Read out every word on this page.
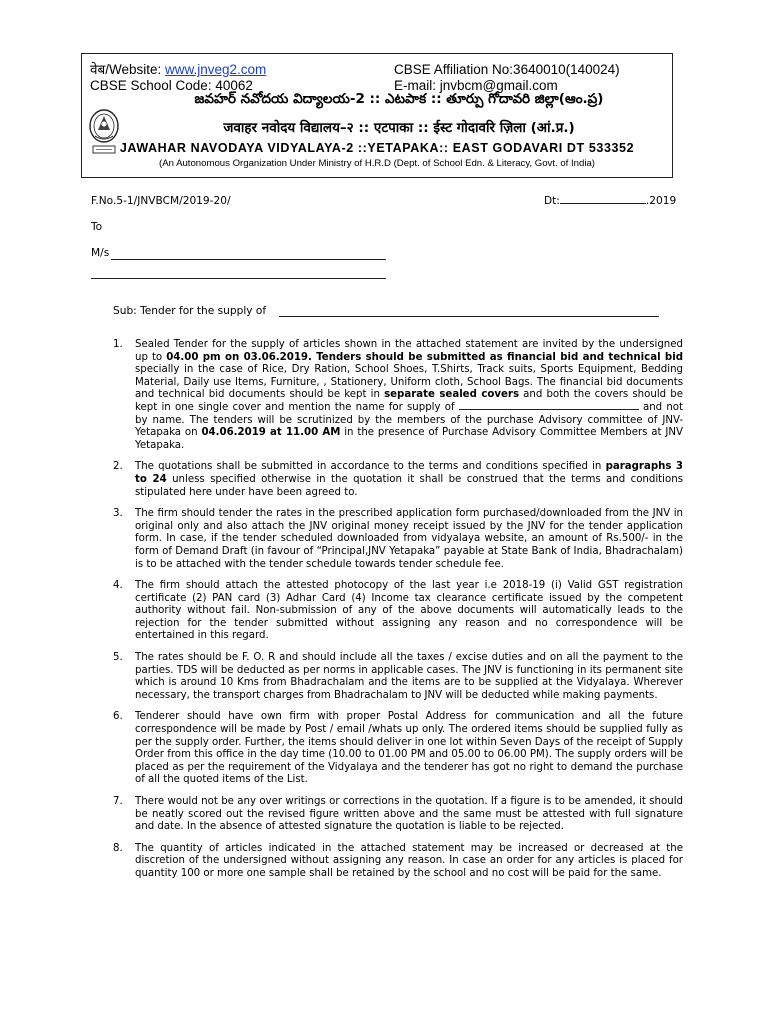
वेब/Website: www.jnveg2.com	CBSE Affiliation No:3640010(140024)
CBSE School Code: 40062	E-mail: jnvbcm@gmail.com
జవహర్ నవోదయ విద్యాలయ-2 :: ఎటపాక :: తూర్పు గోదావరి జిల్లా(ఆం.ప్ర)
जवाहर नवोदय विद्यालय–२ :: एटपाका :: ईस्ट गोदावरि ज़िला (आं.प्र.)
JAWAHAR NAVODAYA VIDYALAYA-2 ::YETAPAKA:: EAST GODAVARI DT 533352
(An Autonomous Organization Under Ministry of H.R.D (Dept. of School Edn. & Literacy, Govt. of India)
F.No.5-1/JNVBCM/2019-20/	Dt:	.2019
To
M/s
Sub: Tender for the supply of
1. Sealed Tender for the supply of articles shown in the attached statement are invited by the undersigned up to 04.00 pm on 03.06.2019. Tenders should be submitted as financial bid and technical bid specially in the case of Rice, Dry Ration, School Shoes, T.Shirts, Track suits, Sports Equipment, Bedding Material, Daily use Items, Furniture, , Stationery, Uniform cloth, School Bags. The financial bid documents and technical bid documents should be kept in separate sealed covers and both the covers should be kept in one single cover and mention the name for supply of	and not by name. The tenders will be scrutinized by the members of the purchase Advisory committee of JNV-Yetapaka on 04.06.2019 at 11.00 AM in the presence of Purchase Advisory Committee Members at JNV Yetapaka.
2. The quotations shall be submitted in accordance to the terms and conditions specified in paragraphs 3 to 24 unless specified otherwise in the quotation it shall be construed that the terms and conditions stipulated here under have been agreed to.
3. The firm should tender the rates in the prescribed application form purchased/downloaded from the JNV in original only and also attach the JNV original money receipt issued by the JNV for the tender application form. In case, if the tender scheduled downloaded from vidyalaya website, an amount of Rs.500/- in the form of Demand Draft (in favour of “Principal,JNV Yetapaka” payable at State Bank of India, Bhadrachalam) is to be attached with the tender schedule towards tender schedule fee.
4. The firm should attach the attested photocopy of the last year i.e 2018-19 (i) Valid GST registration certificate (2) PAN card (3) Adhar Card (4) Income tax clearance certificate issued by the competent authority without fail. Non-submission of any of the above documents will automatically leads to the rejection for the tender submitted without assigning any reason and no correspondence will be entertained in this regard.
5. The rates should be F. O. R and should include all the taxes / excise duties and on all the payment to the parties. TDS will be deducted as per norms in applicable cases. The JNV is functioning in its permanent site which is around 10 Kms from Bhadrachalam and the items are to be supplied at the Vidyalaya. Wherever necessary, the transport charges from Bhadrachalam to JNV will be deducted while making payments.
6. Tenderer should have own firm with proper Postal Address for communication and all the future correspondence will be made by Post / email /whats up only. The ordered items should be supplied fully as per the supply order. Further, the items should deliver in one lot within Seven Days of the receipt of Supply Order from this office in the day time (10.00 to 01.00 PM and 05.00 to 06.00 PM). The supply orders will be placed as per the requirement of the Vidyalaya and the tenderer has got no right to demand the purchase of all the quoted items of the List.
7. There would not be any over writings or corrections in the quotation. If a figure is to be amended, it should be neatly scored out the revised figure written above and the same must be attested with full signature and date. In the absence of attested signature the quotation is liable to be rejected.
8. The quantity of articles indicated in the attached statement may be increased or decreased at the discretion of the undersigned without assigning any reason. In case an order for any articles is placed for quantity 100 or more one sample shall be retained by the school and no cost will be paid for the same.
